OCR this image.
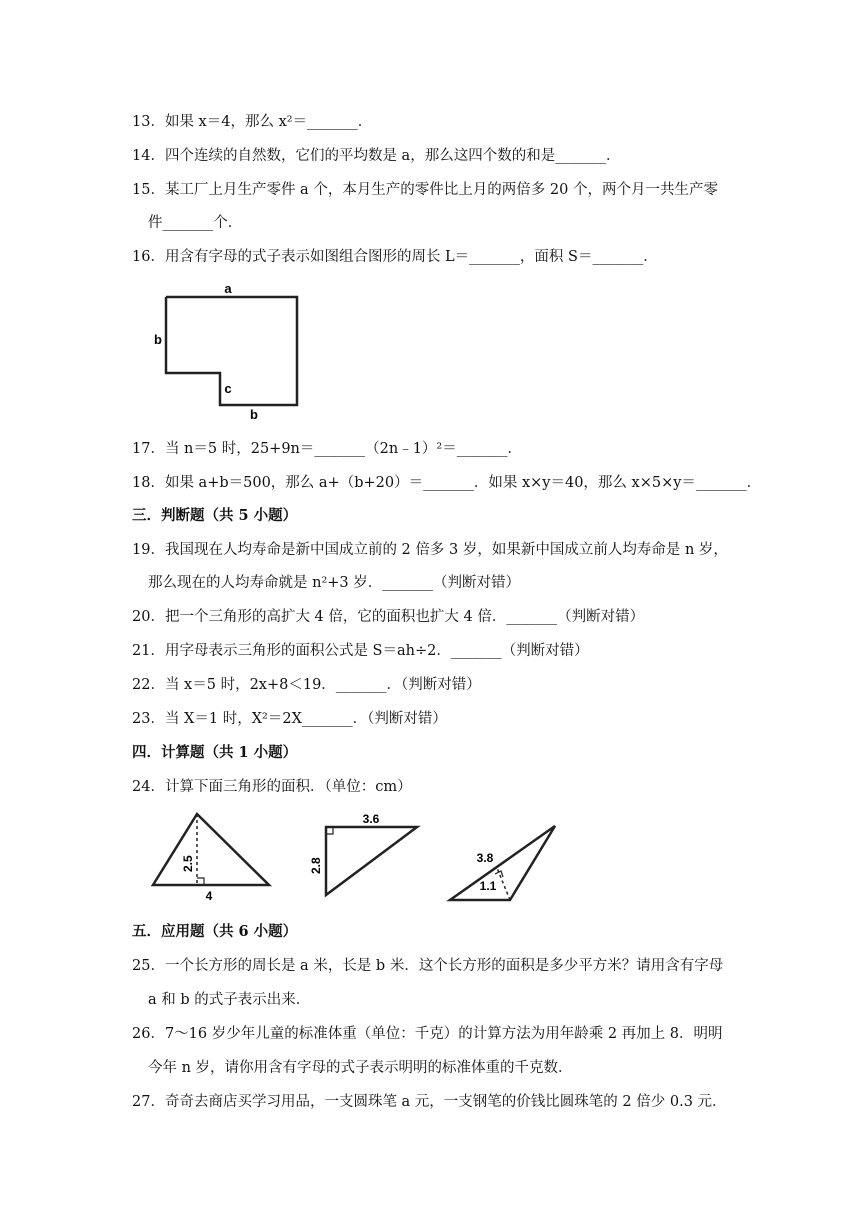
13．如果 x＝4，那么 x²＝_______．
14．四个连续的自然数，它们的平均数是 a，那么这四个数的和是_______．
15．某工厂上月生产零件 a 个，本月生产的零件比上月的两倍多 20 个，两个月一共生产零
件_______个．
16．用含有字母的式子表示如图组合图形的周长 L＝_______，面积 S＝_______．
a
b
c
b
17．当 n＝5 时，25+9n＝_______（2n﹣1）²＝_______．
18．如果 a+b＝500，那么 a+（b+20）＝_______．如果 x×y＝40，那么 x×5×y＝_______．
三．判断题（共 5 小题）
19．我国现在人均寿命是新中国成立前的 2 倍多 3 岁，如果新中国成立前人均寿命是 n 岁，
那么现在的人均寿命就是 n²+3 岁．_______（判断对错）
20．把一个三角形的高扩大 4 倍，它的面积也扩大 4 倍．_______（判断对错）
21．用字母表示三角形的面积公式是 S＝ah÷2．_______（判断对错）
22．当 x＝5 时，2x+8＜19．_______．（判断对错）
23．当 X＝1 时，X²＝2X_______．（判断对错）
四．计算题（共 1 小题）
24．计算下面三角形的面积．（单位：cm）
2.5
4
3.6
2.8	3.8
1.1
五．应用题（共 6 小题）
25．一个长方形的周长是 a 米，长是 b 米．这个长方形的面积是多少平方米？请用含有字母
a 和 b 的式子表示出来．
26．7～16 岁少年儿童的标准体重（单位：千克）的计算方法为用年龄乘 2 再加上 8．明明
今年 n 岁，请你用含有字母的式子表示明明的标准体重的千克数．
27．奇奇去商店买学习用品，一支圆珠笔 a 元，一支钢笔的价钱比圆珠笔的 2 倍少 0.3 元．
